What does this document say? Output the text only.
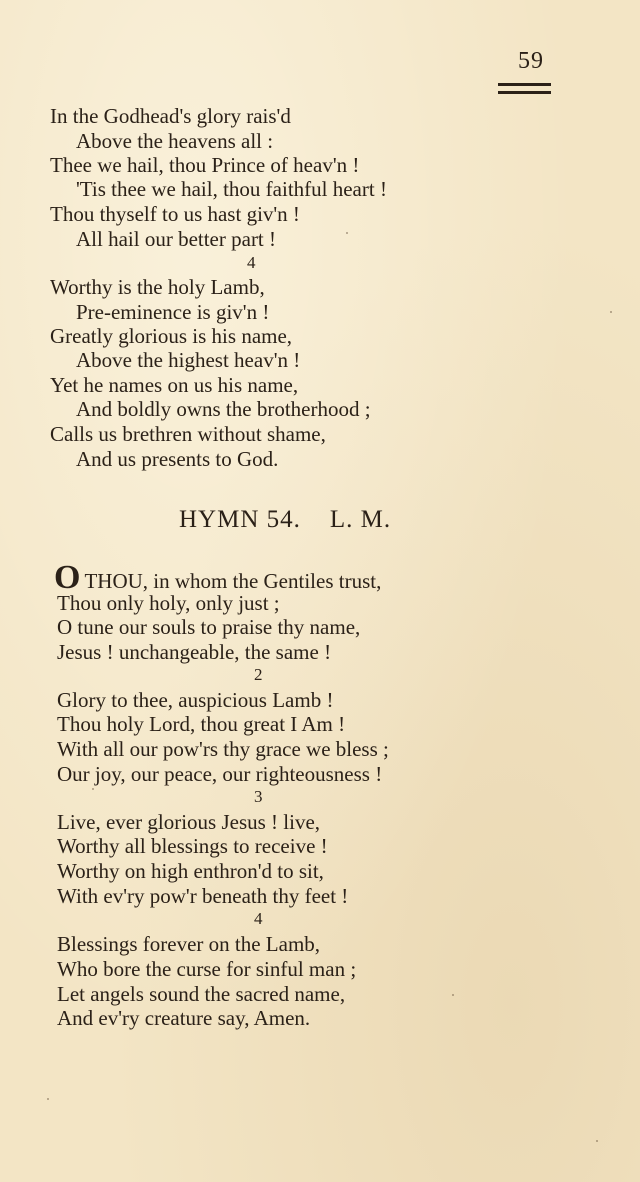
59
In the Godhead's glory rais'd
Above the heavens all :
Thee we hail, thou Prince of heav'n !
'Tis thee we hail, thou faithful heart !
Thou thyself to us hast giv'n !
All hail our better part !
4
Worthy is the holy Lamb,
Pre-eminence is giv'n !
Greatly glorious is his name,
Above the highest heav'n !
Yet he names on us his name,
And boldly owns the brotherhood ;
Calls us brethren without shame,
And us presents to God.
HYMN 54.    L. M.
OTHOU, in whom the Gentiles trust,
Thou only holy, only just ;
O tune our souls to praise thy name,
Jesus ! unchangeable, the same !
2
Glory to thee, auspicious Lamb !
Thou holy Lord, thou great I Am !
With all our pow'rs thy grace we bless ;
Our joy, our peace, our righteousness !
3
Live, ever glorious Jesus ! live,
Worthy all blessings to receive !
Worthy on high enthron'd to sit,
With ev'ry pow'r beneath thy feet !
4
Blessings forever on the Lamb,
Who bore the curse for sinful man ;
Let angels sound the sacred name,
And ev'ry creature say, Amen.
